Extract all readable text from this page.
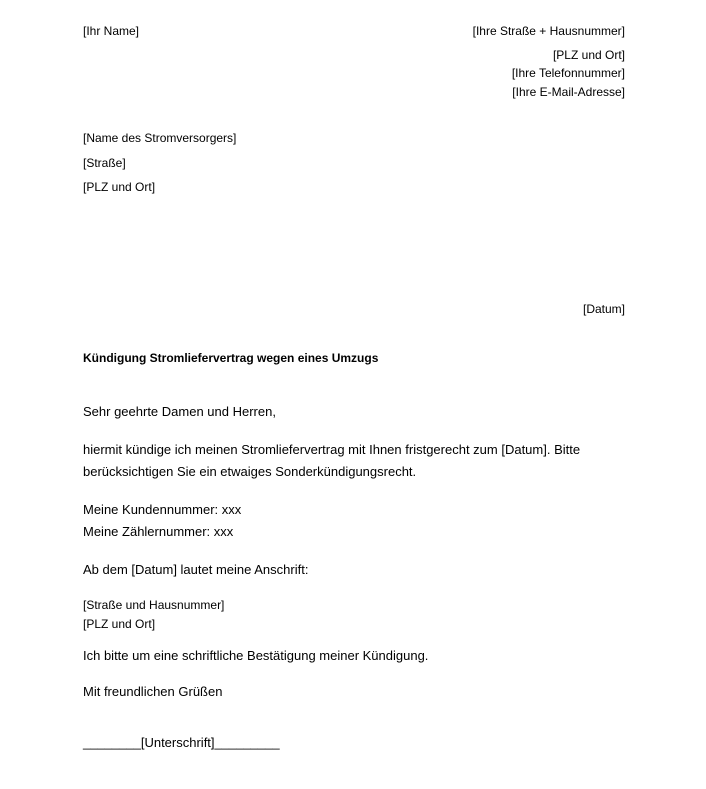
[Ihr Name]	[Ihre Straße + Hausnummer]
[PLZ und Ort]
[Ihre Telefonnummer]
[Ihre E-Mail-Adresse]
[Name des Stromversorgers]
[Straße]
[PLZ und Ort]
[Datum]
Kündigung Stromliefervertrag wegen eines Umzugs
Sehr geehrte Damen und Herren,
hiermit kündige ich meinen Stromliefervertrag mit Ihnen fristgerecht zum [Datum]. Bitte
berücksichtigen Sie ein etwaiges Sonderkündigungsrecht.
Meine Kundennummer: xxx
Meine Zählernummer: xxx
Ab dem [Datum] lautet meine Anschrift:
[Straße und Hausnummer]
[PLZ und Ort]
Ich bitte um eine schriftliche Bestätigung meiner Kündigung.
Mit freundlichen Grüßen
________[Unterschrift]_________
